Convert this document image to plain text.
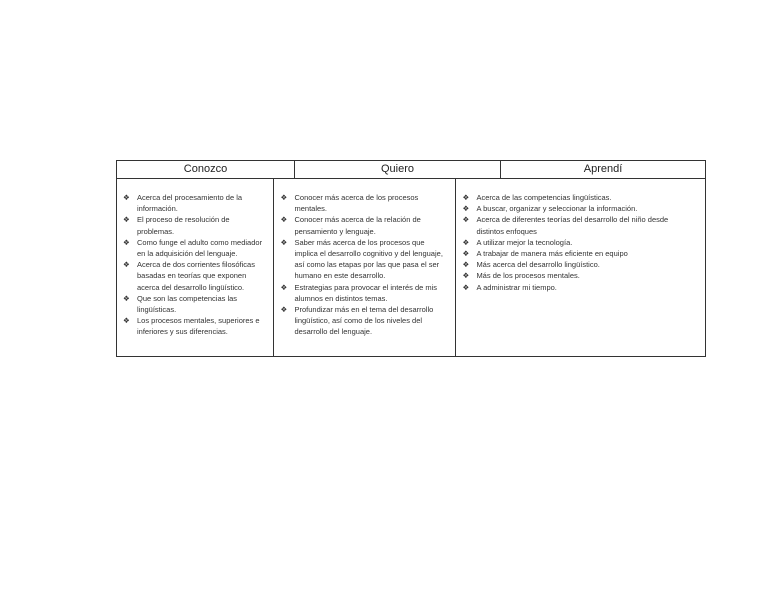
Conozco	Quiero	Aprendí
❖ Acerca del procesamiento de la información.
❖ El proceso de resolución de problemas.
❖ Como funge el adulto como mediador en la adquisición del lenguaje.
❖ Acerca de dos corrientes filosóficas basadas en teorías que exponen acerca del desarrollo lingüístico.
❖ Que son las competencias las lingüísticas.
❖ Los procesos mentales, superiores e inferiores y sus diferencias.
❖ Conocer más acerca de los procesos mentales.
❖ Conocer más acerca de la relación de pensamiento y lenguaje.
❖ Saber más acerca de los procesos que implica el desarrollo cognitivo y del lenguaje, así como las etapas por las que pasa el ser humano en este desarrollo.
❖ Estrategias para provocar el interés de mis alumnos en distintos temas.
❖ Profundizar más en el tema del desarrollo lingüístico, así como de los niveles del desarrollo del lenguaje.
❖ Acerca de las competencias lingüísticas.
❖ A buscar, organizar y seleccionar la información.
❖ Acerca de diferentes teorías del desarrollo del niño desde distintos enfoques
❖ A utilizar mejor la tecnología.
❖ A trabajar de manera más eficiente en equipo
❖ Más acerca del desarrollo lingüístico.
❖ Más de los procesos mentales.
❖ A administrar mi tiempo.
